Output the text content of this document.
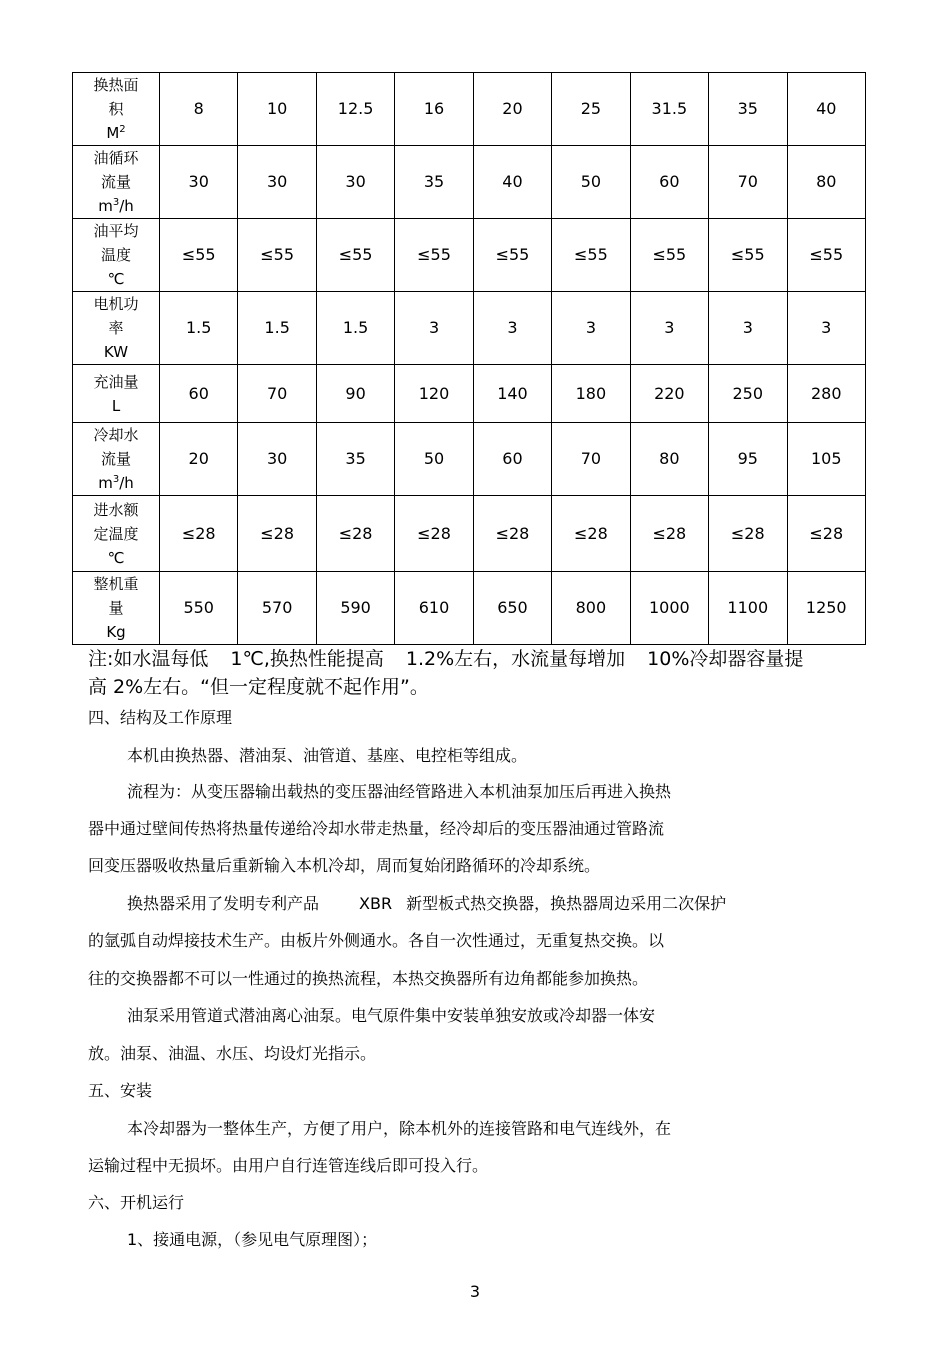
换热面
积
$M^2$	8	10	12.5	16	20	25	31.5	35	40
油循环
流量
$m^3/h$	30	30	30	35	40	50	60	70	80
油平均
温度
℃	≤55	≤55	≤55	≤55	≤55	≤55	≤55	≤55	≤55
电机功
率
KW	1.5	1.5	1.5	3	3	3	3	3	3
充油量
L	60	70	90	120	140	180	220	250	280
冷却水
流量
$m^3/h$	20	30	35	50	60	70	80	95	105
进水额
定温度
℃	≤28	≤28	≤28	≤28	≤28	≤28	≤28	≤28	≤28
整机重
量
Kg	550	570	590	610	650	800	1000	1100	1250

注:如水温每低 1℃,换热性能提高 1.2%左右，水流量每增加 10%冷却器容量提

高 2%左右。“但一定程度就不起作用”。

四、结构及工作原理
本机由换热器、潜油泵、油管道、基座、电控柜等组成。
流程为：从变压器输出载热的变压器油经管路进入本机油泵加压后再进入换热
器中通过壁间传热将热量传递给冷却水带走热量，经冷却后的变压器油通过管路流
回变压器吸收热量后重新输入本机冷却，周而复始闭路循环的冷却系统。
换热器采用了发明专利产品	XBR 新型板式热交换器，换热器周边采用二次保护
的氩弧自动焊接技术生产。由板片外侧通水。各自一次性通过，无重复热交换。以
往的交换器都不可以一性通过的换热流程，本热交换器所有边角都能参加换热。
油泵采用管道式潜油离心油泵。电气原件集中安装单独安放或冷却器一体安
放。油泵、油温、水压、均设灯光指示。
五、安装
本冷却器为一整体生产，方便了用户，除本机外的连接管路和电气连线外，在
运输过程中无损坏。由用户自行连管连线后即可投入行。
六、开机运行
1、接通电源，（参见电气原理图）；
3
